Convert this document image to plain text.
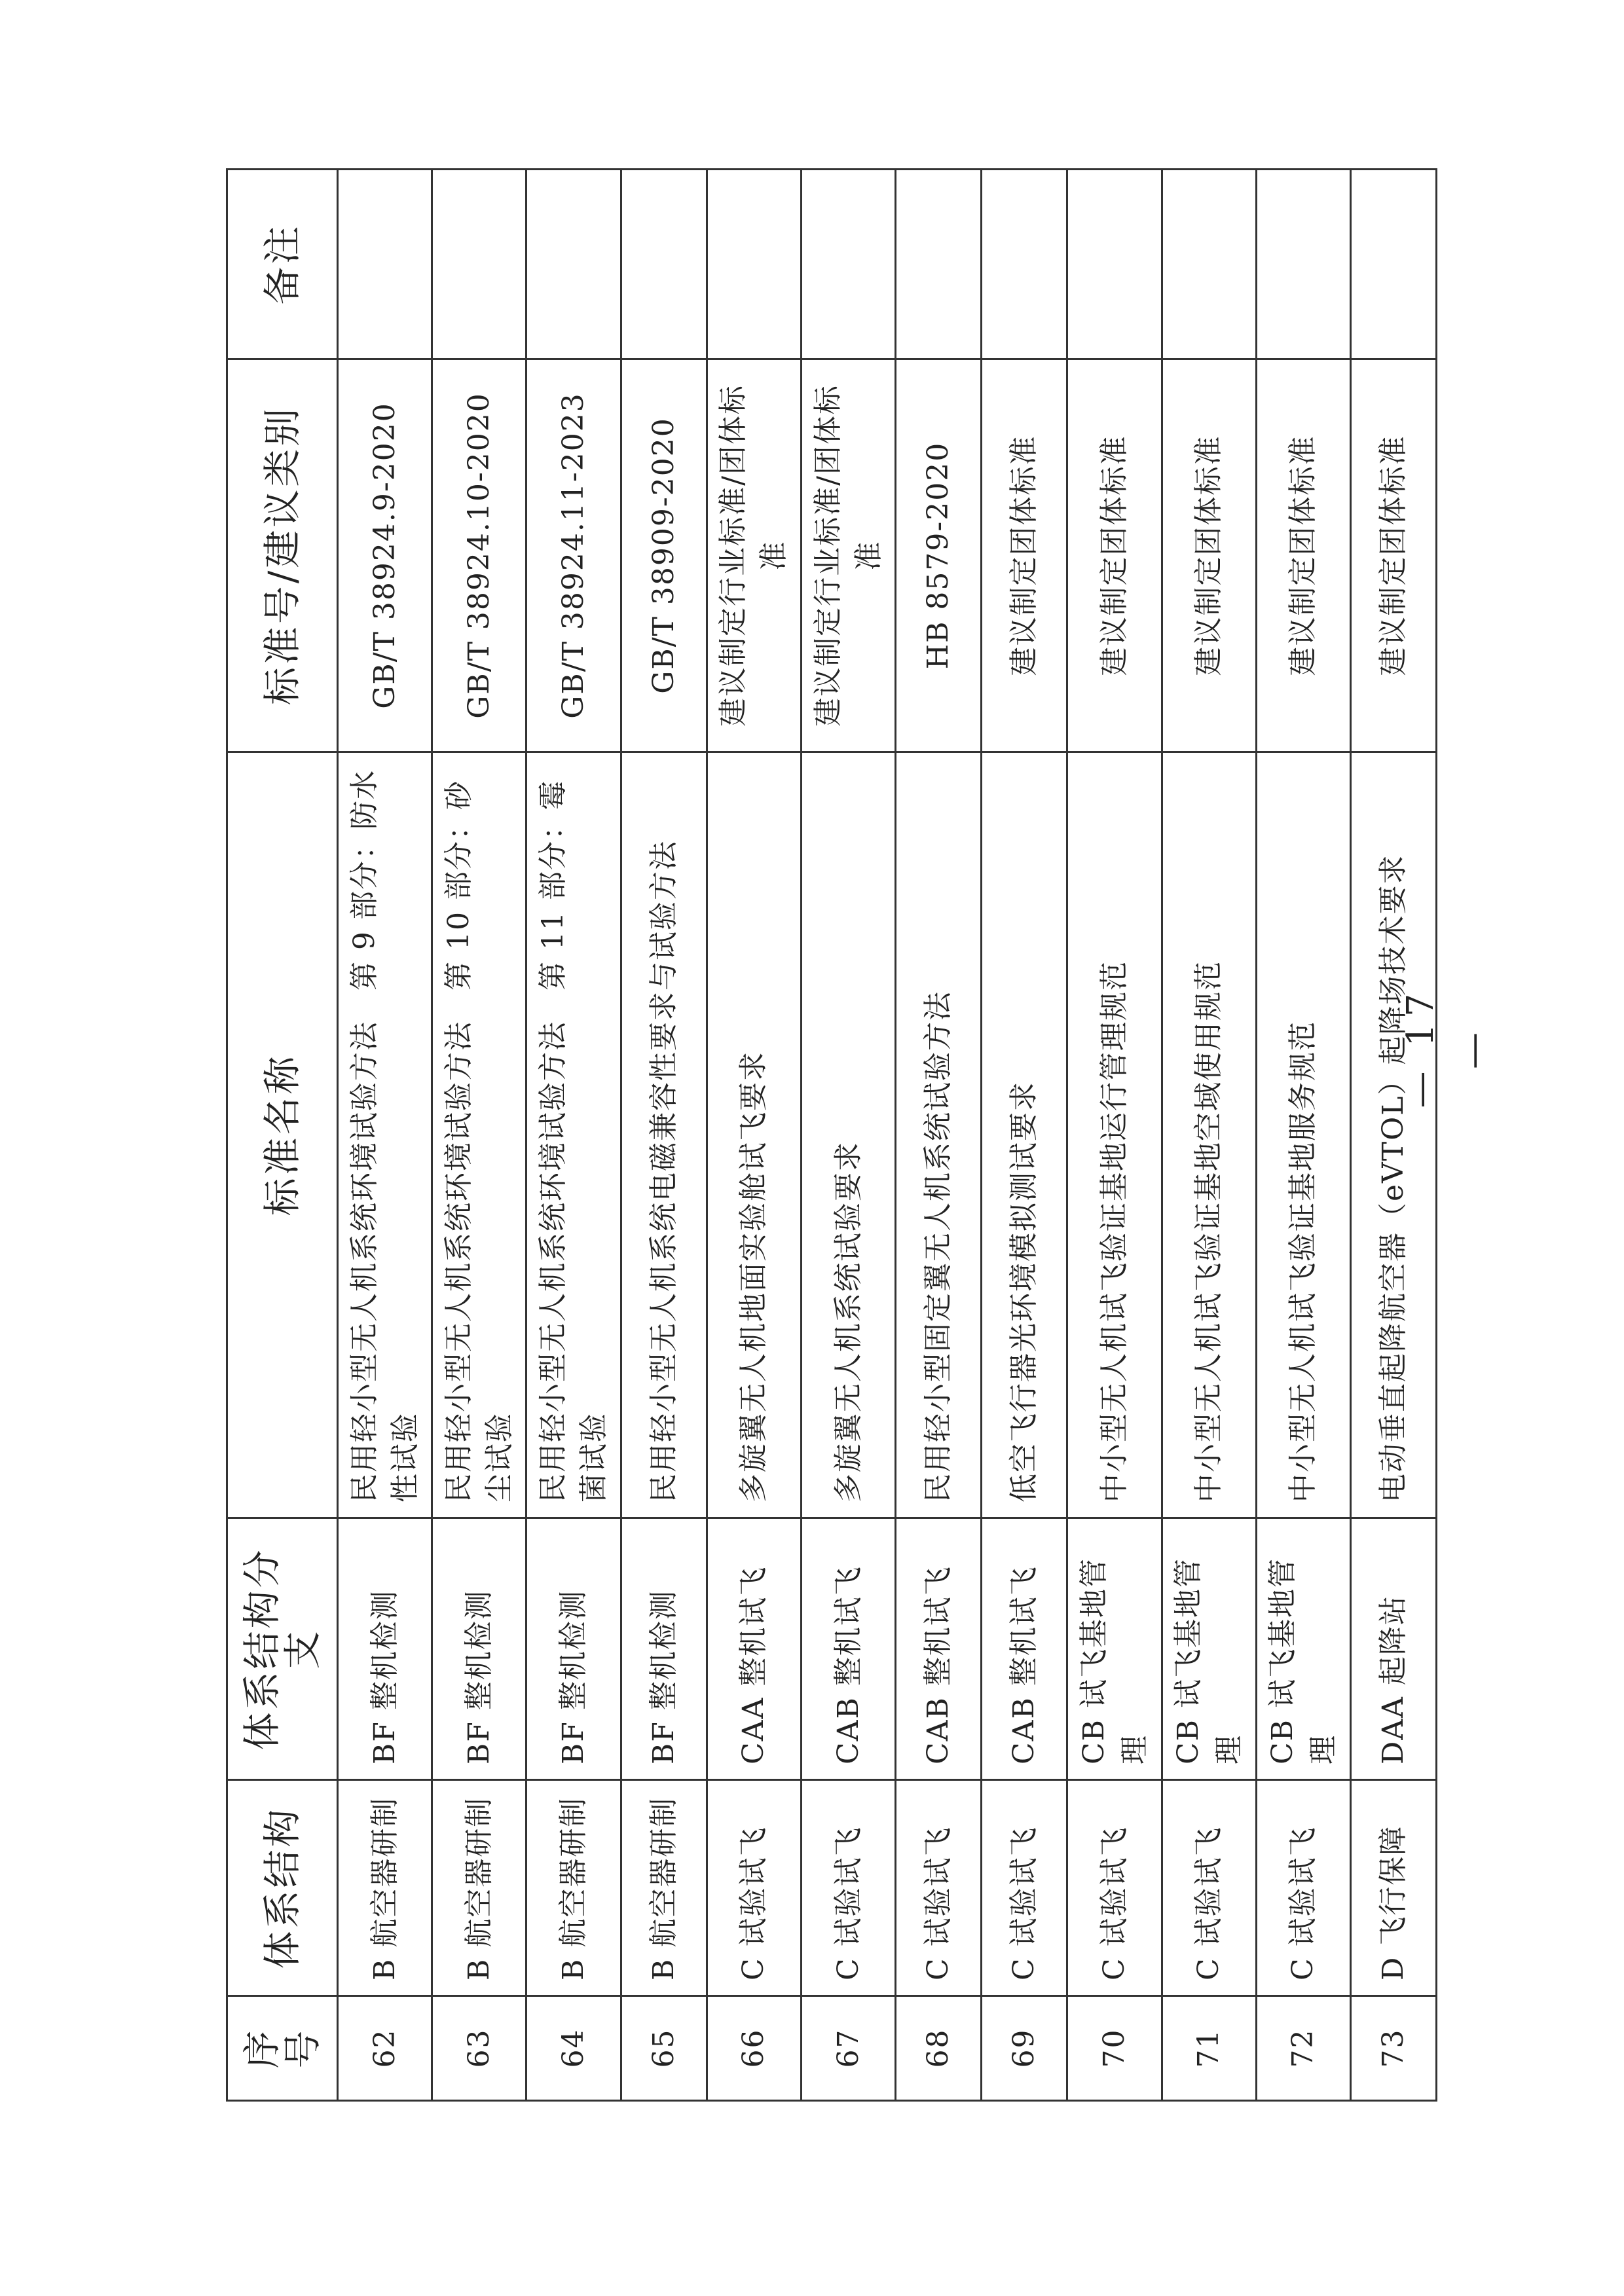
序号	体系结构	体系结构分支	标准名称	标准号/建议类别	备注
62	B 航空器研制	BF 整机检测	民用轻小型无人机系统环境试验方法　第 9 部分：防水性试验	GB/T 38924.9-2020	
63	B 航空器研制	BF 整机检测	民用轻小型无人机系统环境试验方法　第 10 部分：砂尘试验	GB/T 38924.10-2020	
64	B 航空器研制	BF 整机检测	民用轻小型无人机系统环境试验方法　第 11 部分：霉菌试验	GB/T 38924.11-2023	
65	B 航空器研制	BF 整机检测	民用轻小型无人机系统电磁兼容性要求与试验方法	GB/T 38909-2020	
66	C 试验试飞	CAA 整机试飞	多旋翼无人机地面实验舱试飞要求	建议制定行业标准/团体标准	
67	C 试验试飞	CAB 整机试飞	多旋翼无人机系统试验要求	建议制定行业标准/团体标准	
68	C 试验试飞	CAB 整机试飞	民用轻小型固定翼无人机系统试验方法	HB 8579-2020	
69	C 试验试飞	CAB 整机试飞	低空飞行器光环境模拟测试要求	建议制定团体标准	
70	C 试验试飞	CB 试飞基地管理	中小型无人机试飞验证基地运行管理规范	建议制定团体标准	
71	C 试验试飞	CB 试飞基地管理	中小型无人机试飞验证基地空域使用规范	建议制定团体标准	
72	C 试验试飞	CB 试飞基地管理	中小型无人机试飞验证基地服务规范	建议制定团体标准	
73	D 飞行保障	DAA 起降站	电动垂直起降航空器（eVTOL）起降场技术要求	建议制定团体标准	
— 17 —
